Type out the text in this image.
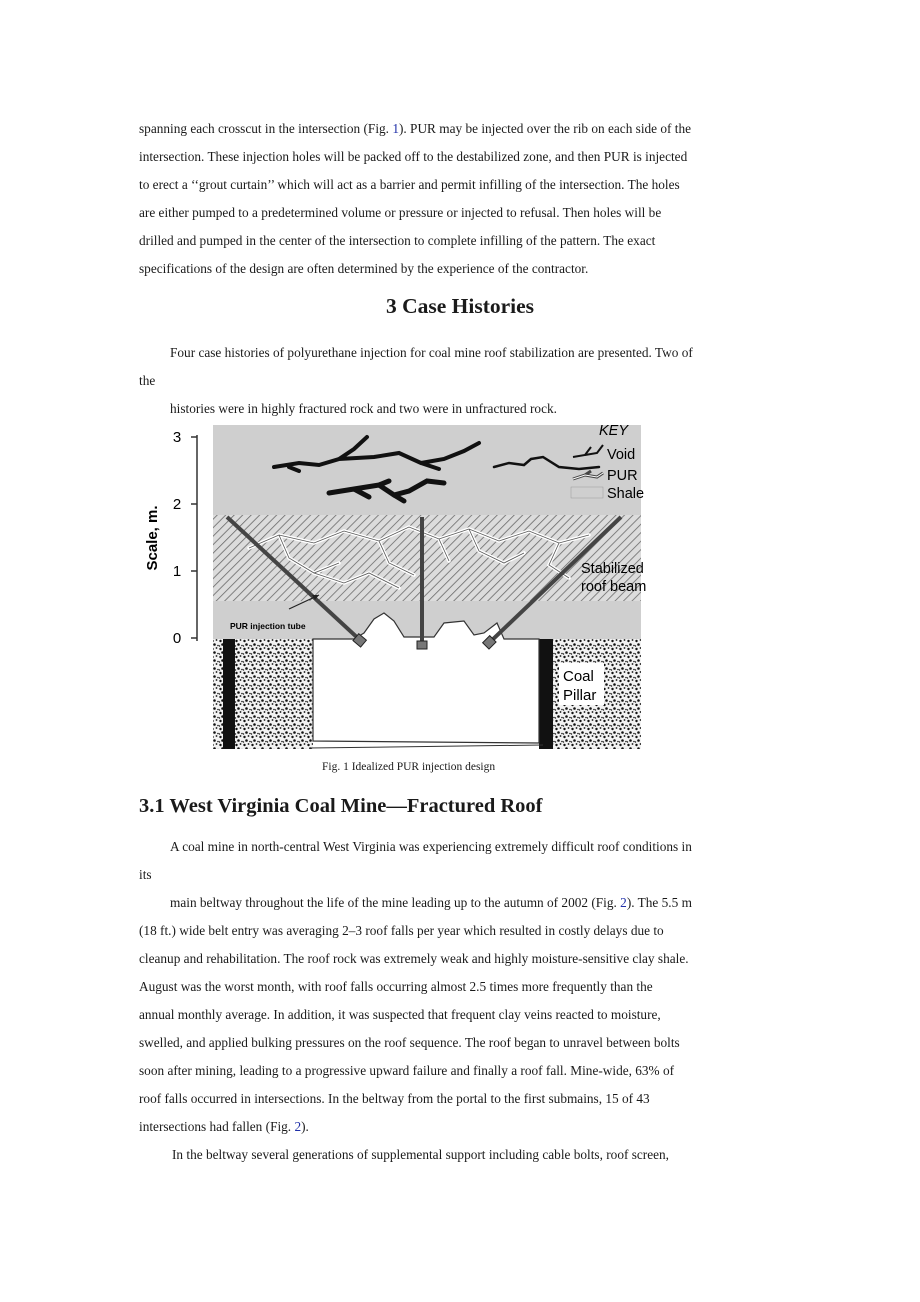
spanning each crosscut in the intersection (Fig. 1). PUR may be injected over the rib on each side of the
intersection. These injection holes will be packed off to the destabilized zone, and then PUR is injected
to erect a ‘‘grout curtain’’ which will act as a barrier and permit infilling of the intersection. The holes
are either pumped to a predetermined volume or pressure or injected to refusal. Then holes will be
drilled and pumped in the center of the intersection to complete infilling of the pattern. The exact
specifications of the design are often determined by the experience of the contractor.

3 Case Histories

Four case histories of polyurethane injection for coal mine roof stabilization are presented. Two of
the
histories were in highly fractured rock and two were in unfractured rock.

3
2
1
0
Scale, m.
PUR injection tube
Stabilized
roof beam
Coal
Pillar
KEY
Void
PUR
Shale
Fig. 1 Idealized PUR injection design
3.1 West Virginia Coal Mine—Fractured Roof

A coal mine in north-central West Virginia was experiencing extremely difficult roof conditions in
its
main beltway throughout the life of the mine leading up to the autumn of 2002 (Fig. 2). The 5.5 m
(18 ft.) wide belt entry was averaging 2–3 roof falls per year which resulted in costly delays due to
cleanup and rehabilitation. The roof rock was extremely weak and highly moisture-sensitive clay shale.
August was the worst month, with roof falls occurring almost 2.5 times more frequently than the
annual monthly average. In addition, it was suspected that frequent clay veins reacted to moisture,
swelled, and applied bulking pressures on the roof sequence. The roof began to unravel between bolts
soon after mining, leading to a progressive upward failure and finally a roof fall. Mine-wide, 63% of
roof falls occurred in intersections. In the beltway from the portal to the first submains, 15 of 43
intersections had fallen (Fig. 2).
In the beltway several generations of supplemental support including cable bolts, roof screen,
